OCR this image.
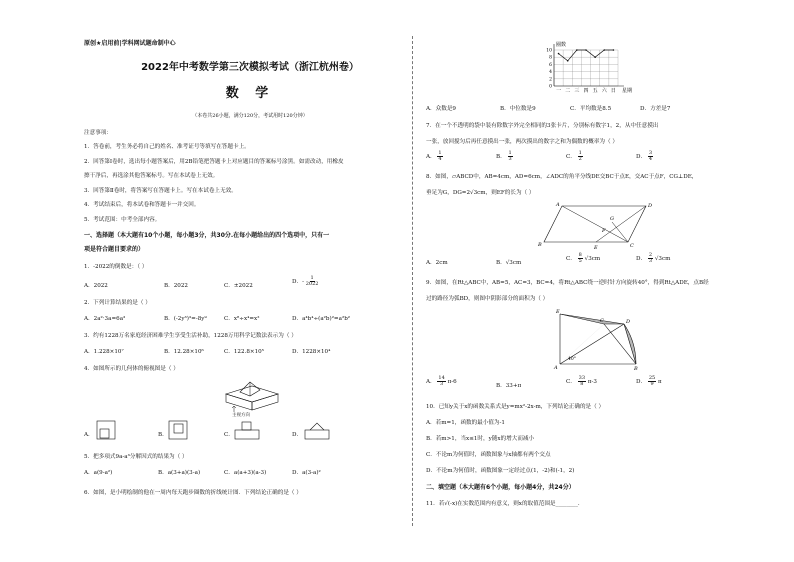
原创★启用前|学科网试题命制中心
2022年中考数学第三次模拟考试（浙江杭州卷）
数 学
（本卷共26小题，满分120分，考试用时120分钟）
注意事项：
1．答卷前，考生务必将自己的姓名、准考证号等填写在答题卡上。
2．回答第Ⅰ卷时，选出每小题答案后，用2B铅笔把答题卡上对应题目的答案标号涂黑。如需改动，用橡皮
擦干净后，再选涂其他答案标号。写在本试卷上无效。
3．回答第Ⅱ卷时，将答案写在答题卡上。写在本试卷上无效。
4．考试结束后，将本试卷和答题卡一并交回。
5．考试范围：中考全部内容。
一、选择题（本大题有10个小题，每小题3分，共30分.在每小题给出的四个选项中，只有一
项是符合题目要求的）
1．-2022的倒数是：（ ）
A．2022	B．2022	C．±2022
D．- $\frac{1}{2022}$
2．下列计算结果的是（ ）
A．2a²·3a=6a³	B．(-2y³)³=-8y⁹	C．x⁸÷x⁴=x²	D．a⁴b⁴÷(a²b)²=a²b²
3．约有1228万名家庭经济困难学生享受生活补助，1228万用科学记数法表示为（ ）
A．1.228×10⁷	B．12.28×10⁶	C．122.8×10⁵	D．1228×10⁴
4．如图所示的几何体的俯视图是（ ）
主视方向
A．	B．	C．	D．
5．把多项式9a-a³分解因式的结果为（ ）
A．a(9-a²)	B．a(3+a)(3-a)	C．a(a+3)(a-3)	D．a(3-a)²
6．如图，是小明绘制的他在一周内每天跑步圈数的折线统计图．下列结论正确的是（ ）
0
2
4
6
8
10
圈数
星期
一 二 三 四 五 六 日
A．众数是9	B．中位数是9	C．平均数是8.5	D．方差是7
7．在一个不透明的袋中装有除数字外完全相同的3张卡片，分别标有数字1，2，从中任意摸出
一张，放回搅匀后再任意摸出一张，两次摸出的数字之和为偶数的概率为（ ）
A． $\frac{1}{4}$	B． $\frac{1}{3}$	C． $\frac{1}{2}$	D． $\frac{3}{4}$
8．如图，▱ABCD中，AB=4cm，AD=6cm，∠ADC的角平分线DE交BC于点E，交AC于点F，CG⊥DE，
垂足为G，DG=2√3cm，则EF的长为（ ）
A	D
B	C
E
F
G
A．2cm	B．√3cm
C． $\frac{8}{5} √3cm$	D． $\frac{2}{3} √3cm$
9．如图，在Rt△ABC中，AB=5，AC=3，BC=4，将Rt△ABC绕一逆时针方向旋转40°，得到Rt△ADE，点B经
过的路径为弧BD，则图中阴影部分的面积为（ ）
E
C	D
A	B
40°
A． $\frac{14}{3} \pi-6$
B．33+π
C． $\frac{33}{8} \pi-3$	D． $\frac{25}{9}$ π
10．已知y关于x的函数关系式是y=mx²-2x-m，下列结论正确的是（ ）
A．若m=1，函数的最小值为-1
B．若m>1，当x≤1时，y随x的增大而减小
C．不论m为何值时，函数图象与x轴都有两个交点
D．不论m为何值时，函数图象一定经过点(1，-2)和(-1，2)
二、填空题（本大题有6个小题，每小题4分，共24分）
11．若√(-x)在实数范围内有意义，则x的取值范围是________.
